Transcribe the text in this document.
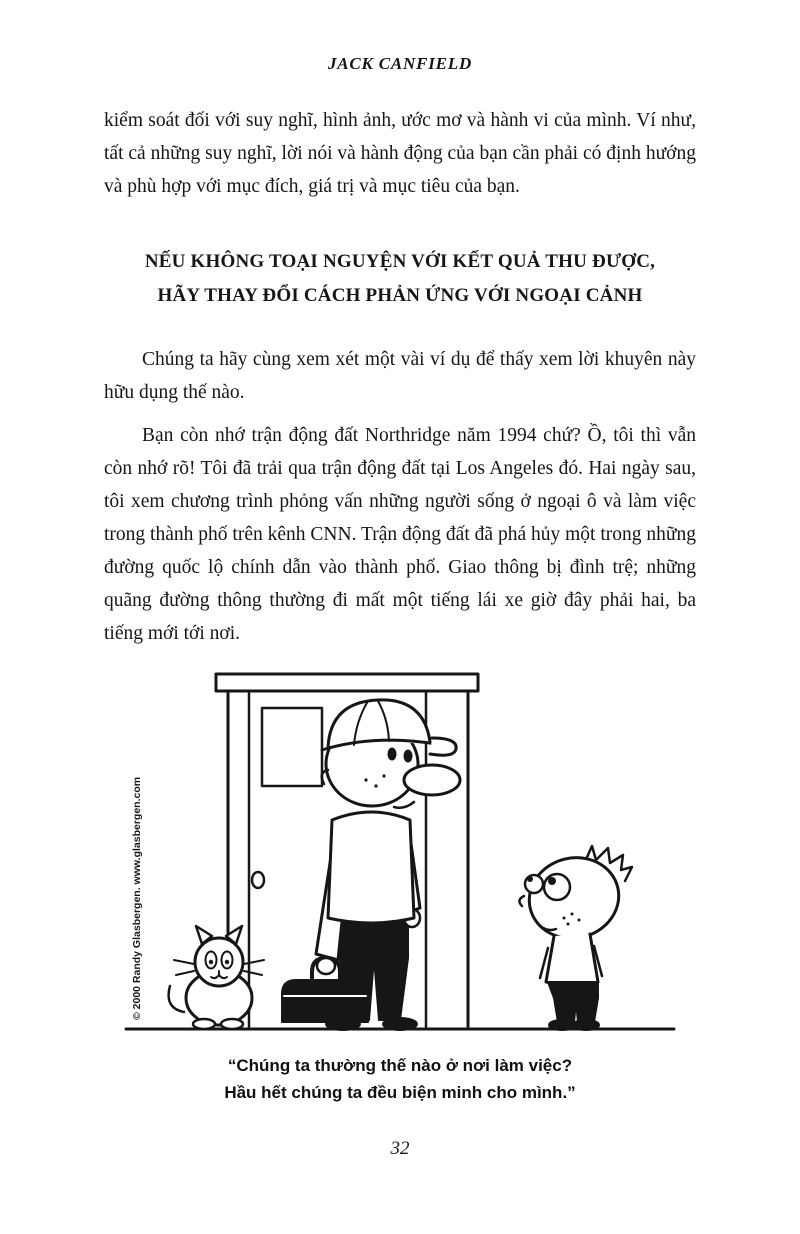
JACK CANFIELD

kiểm soát đối với suy nghĩ, hình ảnh, ước mơ và hành vi của mình. Ví như, tất cả những suy nghĩ, lời nói và hành động của bạn cần phải có định hướng và phù hợp với mục đích, giá trị và mục tiêu của bạn.

NẾU KHÔNG TOẠI NGUYỆN VỚI KẾT QUẢ THU ĐƯỢC,
HÃY THAY ĐỔI CÁCH PHẢN ỨNG VỚI NGOẠI CẢNH

Chúng ta hãy cùng xem xét một vài ví dụ để thấy xem lời khuyên này hữu dụng thế nào.

Bạn còn nhớ trận động đất Northridge năm 1994 chứ? Ồ, tôi thì vẫn còn nhớ rõ! Tôi đã trải qua trận động đất tại Los Angeles đó. Hai ngày sau, tôi xem chương trình phỏng vấn những người sống ở ngoại ô và làm việc trong thành phố trên kênh CNN. Trận động đất đã phá hủy một trong những đường quốc lộ chính dẫn vào thành phố. Giao thông bị đình trệ; những quãng đường thông thường đi mất một tiếng lái xe giờ đây phải hai, ba tiếng mới tới nơi.

© 2000 Randy Glasbergen. www.glasbergen.com
“Chúng ta thường thế nào ở nơi làm việc?
Hầu hết chúng ta đều biện minh cho mình.”
32
